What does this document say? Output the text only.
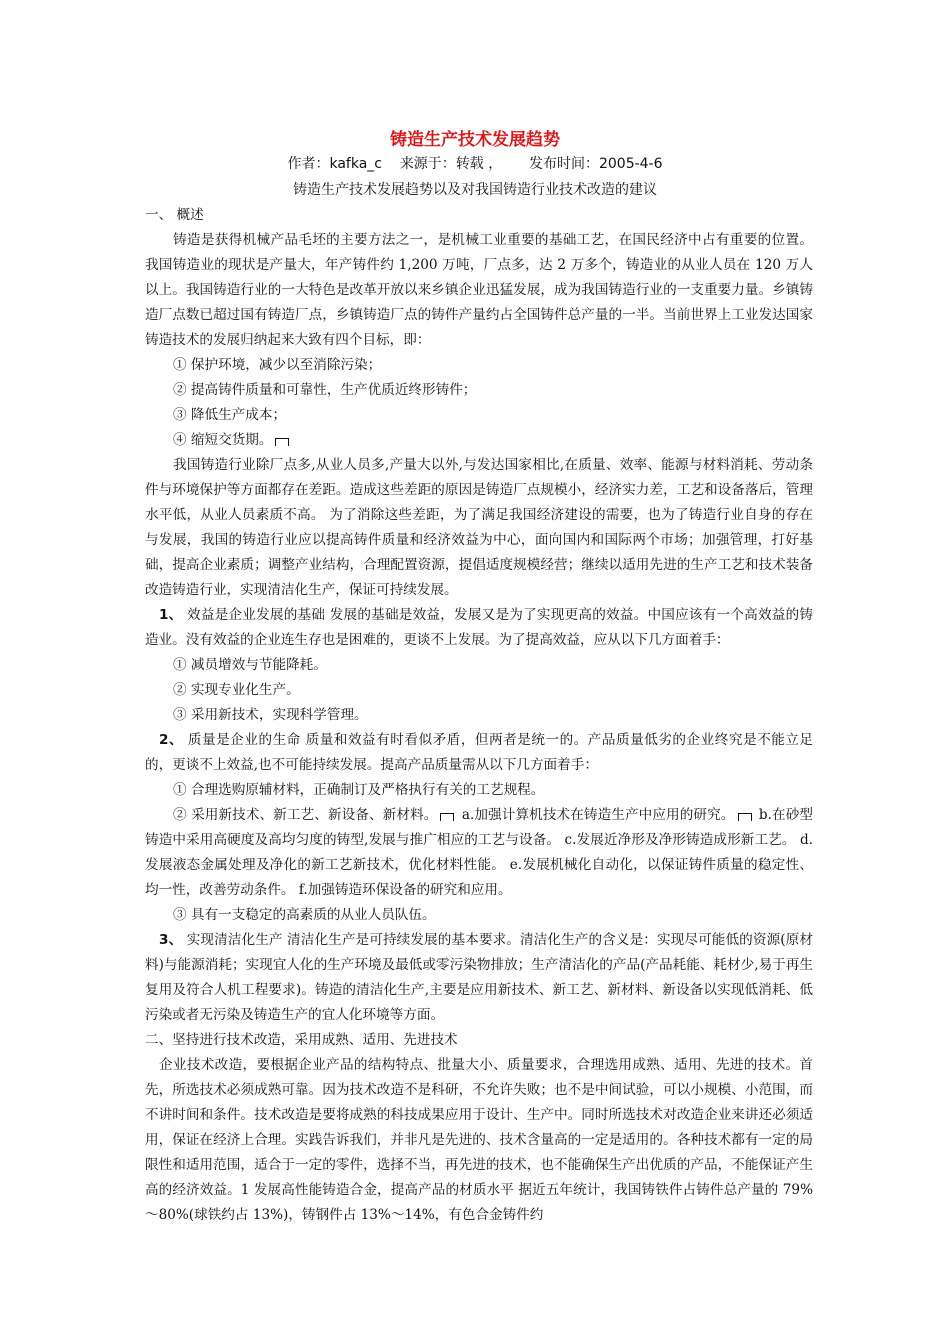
铸造生产技术发展趋势
作者：kafka_c 来源于：转载 ， 发布时间：2005-4-6
铸造生产技术发展趋势以及对我国铸造行业技术改造的建议

一、 概述

铸造是获得机械产品毛坯的主要方法之一，是机械工业重要的基础工艺，在国民经济中占有重要的位置。 我国铸造业的现状是产量大，年产铸件约 1,200 万吨，厂点多，达 2 万多个，铸造业的从业人员在 120 万人以上。我国铸造行业的一大特色是改革开放以来乡镇企业迅猛发展，成为我国铸造行业的一支重要力量。乡镇铸造厂点数已超过国有铸造厂点，乡镇铸造厂点的铸件产量约占全国铸件总产量的一半。当前世界上工业发达国家铸造技术的发展归纳起来大致有四个目标，即：

① 保护环境，减少以至消除污染；

② 提高铸件质量和可靠性，生产优质近终形铸件；

③ 降低生产成本；

④ 缩短交货期。

我国铸造行业除厂点多,从业人员多,产量大以外,与发达国家相比,在质量、效率、能源与材料消耗、劳动条件与环境保护等方面都存在差距。造成这些差距的原因是铸造厂点规模小，经济实力差，工艺和设备落后，管理水平低，从业人员素质不高。 为了消除这些差距，为了满足我国经济建设的需要，也为了铸造行业自身的存在与发展，我国的铸造行业应以提高铸件质量和经济效益为中心，面向国内和国际两个市场；加强管理，打好基础，提高企业素质；调整产业结构，合理配置资源，提倡适度规模经营；继续以适用先进的生产工艺和技术装备改造铸造行业，实现清洁化生产，保证可持续发展。

1、 效益是企业发展的基础 发展的基础是效益，发展又是为了实现更高的效益。中国应该有一个高效益的铸造业。没有效益的企业连生存也是困难的，更谈不上发展。为了提高效益，应从以下几方面着手：

① 减员增效与节能降耗。

② 实现专业化生产。

③ 采用新技术，实现科学管理。

2、 质量是企业的生命 质量和效益有时看似矛盾，但两者是统一的。产品质量低劣的企业终究是不能立足的，更谈不上效益,也不可能持续发展。提高产品质量需从以下几方面着手：

① 合理选购原辅材料，正确制订及严格执行有关的工艺规程。

② 采用新技术、新工艺、新设备、新材料。 a.加强计算机技术在铸造生产中应用的研究。 b.在砂型铸造中采用高硬度及高均匀度的铸型,发展与推广相应的工艺与设备。 c.发展近净形及净形铸造成形新工艺。 d.发展液态金属处理及净化的新工艺新技术，优化材料性能。 e.发展机械化自动化，以保证铸件质量的稳定性、均一性，改善劳动条件。 f.加强铸造环保设备的研究和应用。

③ 具有一支稳定的高素质的从业人员队伍。

3、 实现清洁化生产 清洁化生产是可持续发展的基本要求。清洁化生产的含义是：实现尽可能低的资源(原材料)与能源消耗；实现宜人化的生产环境及最低或零污染物排放；生产清洁化的产品(产品耗能、耗材少,易于再生复用及符合人机工程要求)。铸造的清洁化生产,主要是应用新技术、新工艺、新材料、新设备以实现低消耗、低污染或者无污染及铸造生产的宜人化环境等方面。

二、坚持进行技术改造，采用成熟、适用、先进技术

企业技术改造，要根据企业产品的结构特点、批量大小、质量要求，合理选用成熟、适用、先进的技术。首先，所选技术必须成熟可靠。因为技术改造不是科研，不允许失败；也不是中间试验，可以小规模、小范围，而不讲时间和条件。技术改造是要将成熟的科技成果应用于设计、生产中。同时所选技术对改造企业来讲还必须适用，保证在经济上合理。实践告诉我们，并非凡是先进的、技术含量高的一定是适用的。各种技术都有一定的局限性和适用范围，适合于一定的零件，选择不当，再先进的技术，也不能确保生产出优质的产品，不能保证产生高的经济效益。1 发展高性能铸造合金，提高产品的材质水平 据近五年统计，我国铸铁件占铸件总产量的 79%～80%(球铁约占 13%)，铸钢件占 13%～14%，有色合金铸件约
